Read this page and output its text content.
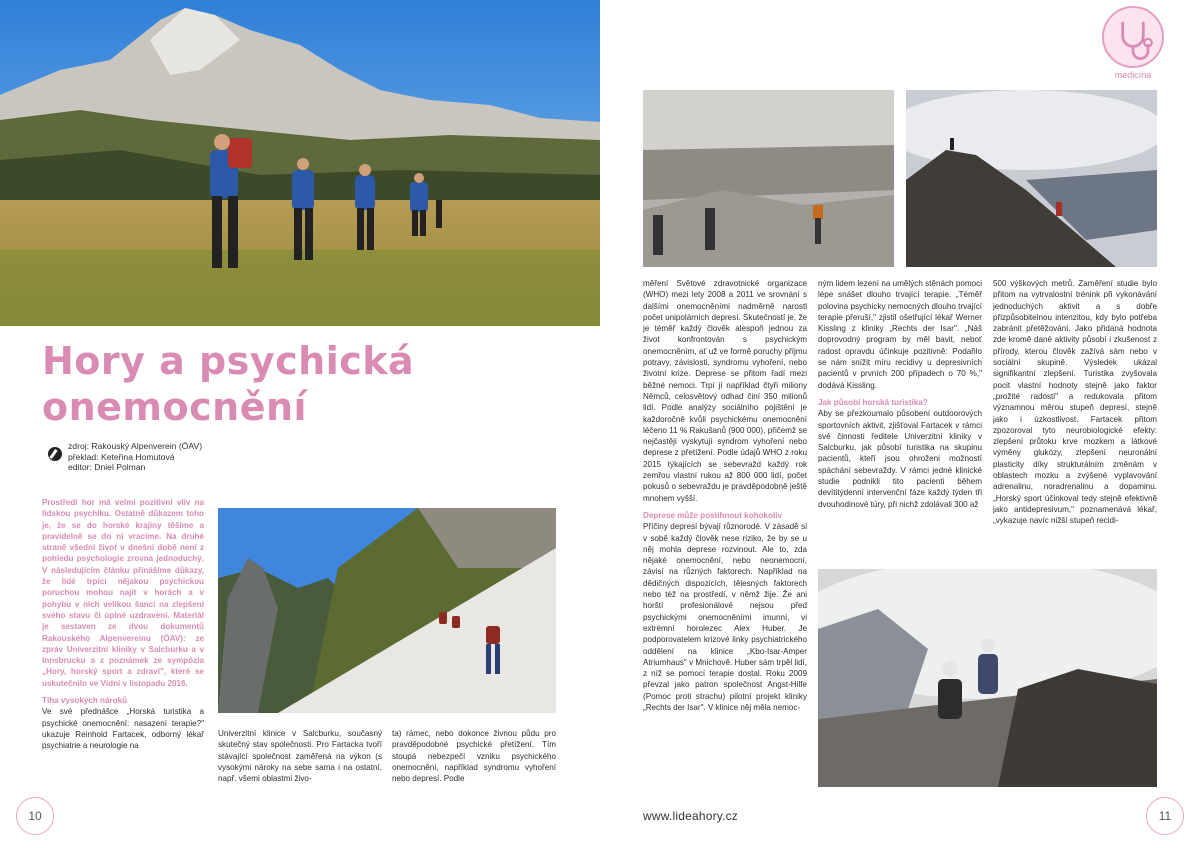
Hory a psychická onemocnění
zdroj: Rakouský Alpenverein (ÖAV)
překlad: Keteřina Homutová
editor: Dniel Polman

Prostředí hor má velmi pozitivní vliv na lidskou psychiku. Ostatně důkazem toho je, že se do horské krajiny těšíme a pravidelně se do ní vracíme. Na druhé straně všední život v dnešní době není z pohledu psychologie zrovna jednoduchý. V následujícím článku přinášíme důkazy, že lidé trpící nějakou psychickou poruchou mohou najít v horách a v pohybu v nich velikou šanci na zlepšení svého stavu či úplné uzdravení. Materiál je sestaven ze dvou dokumentů Rakouského Alpenvereinu (ÖAV): ze zpráv Univerzitní kliniky v Salcburku a v Innsbrucku a z poznámek ze sympózia „Hory, horský sport a zdraví", které se uskutečnilo ve Vídni v listopadu 2016.

Tíha vysokých nároků

Ve své přednášce „Horská turistika a psychické onemocnění: nasazení terapie?" ukazuje Reinhold Fartacek, odborný lékař psychiatrie a neurologie na

Univerzitní klinice v Salcburku, současný skutečný stav společnosti. Pro Fartacka tvoří stávající společnost zaměřená na výkon (s vysokými nároky na sebe sama i na ostatní, např. všemi oblastmi živo-

ta) rámec, nebo dokonce živnou půdu pro pravděpodobné psychické přetížení. Tím stoupá nebezpečí vzniku psychického onemocnění, například syndromu vyhoření nebo depresí. Podle

měření Světové zdravotnické organizace (WHO) mezi lety 2008 a 2011 ve srovnání s dalšími onemocněními nadměrně narostl počet unipolárních depresí. Skutečností je, že je téměř každý člověk alespoň jednou za život konfrontován s psychickým onemocněním, ať už ve formě poruchy příjmu potravy, závislosti, syndromu vyhoření, nebo životní krize. Deprese se přitom řadí mezi běžné nemoci. Trpí jí například čtyři miliony Němců, celosvětový odhad činí 350 milionů lidí. Podle analýzy sociálního pojištění je každoročně kvůli psychickému onemocnění léčeno 11 % Rakušanů (900 000), přičemž se nejčastěji vyskytují syndrom vyhoření nebo deprese z přetížení. Podle údajů WHO z roku 2015 týkajících se sebevražd každý rok zemřou vlastní rukou až 800 000 lidí, počet pokusů o sebevraždu je pravděpodobně ještě mnohem vyšší.

Deprese může postihnout kohokoliv

Příčiny depresí bývají různorodé. V zásadě si v sobě každý člověk nese riziko, že by se u něj mohla deprese rozvinout. Ale to, zda nějaké onemocnění, nebo neonemocní, závisí na různých faktorech. Například na dědičných dispozicích, tělesných faktorech nebo též na prostředí, v němž žije. Že ani horští profesionálové nejsou před psychickými onemocněními imunní, vi extrémní horolezec Alex Huber. Je podporovatelem krizové linky psychiatrického oddělení na klinice „Kbo-Isar-Amper Atriumhaus" v Mnichově. Huber sám trpěl lidí, z níž se pomocí terapie dostal. Roku 2009 převzal jako patron společnost Angst-Hilfe (Pomoc proti strachu) pilotní projekt kliniky „Rechts der Isar". V klinice něj měla nemoc-

ným lidem lezení na umělých stěnách pomoci lépe snášet dlouho trvající terapie. „Téměř polovina psychicky nemocných dlouho trvající terapie přeruší," zjistil ošetřující lékař Werner Kissling z kliniky „Rechts der Isar". „Náš doprovodný program by měl bavit, neboť radost opravdu účinkuje pozitivně: Podařilo se nám snížit míru recidivy u depresivních pacientů v prvních 200 případech o 70 %," dodává Kissling.

Jak působí horská turistika?

Aby se přezkoumalo působení outdoorových sportovních aktivit, zjišťoval Fartacek v rámci své činnosti ředitele Univerzitní kliniky v Salcburku, jak působí turistika na skupinu pacientů, kteří jsou ohroženi možností spáchání sebevraždy. V rámci jedné klinické studie podnikli tito pacienti během devítitýdenní intervenční fáze každý týden tři dvouhodinové túry, při nichž zdolávali 300 až

500 výškových metrů. Zaměření studie bylo přitom na vytrvalostní trénink při vykonávání jednoduchých aktivit a s dobře přizpůsobitelnou intenzitou, kdy bylo potřeba zabránit přetěžování. Jako přidaná hodnota zde kromě dané aktivity působí i zkušenost z přírody, kterou člověk zažívá sám nebo v sociální skupině. Výsledek ukázal signifikantní zlepšení. Turistika zvyšovala pocit vlastní hodnoty stejně jako faktor „prožité radosti" a redukovala přitom významnou měrou stupeň depresí, stejně jako i úzkostlivost. Fartacek přitom zpozoroval tyto neurobiologické efekty: zlepšení průtoku krve mozkem a látkové výměny glukózy, zlepšení neuronální plasticity díky strukturálním změnám v oblastech mozku a zvýšené vyplavování adrenalinu, noradrenalinu a dopaminu. „Horský sport účinkoval tedy stejně efektivně jako antidepresivum," poznamenává lékař, „vykazuje navíc nižší stupeň recidi-

10	11
www.lideahory.cz
medicína
